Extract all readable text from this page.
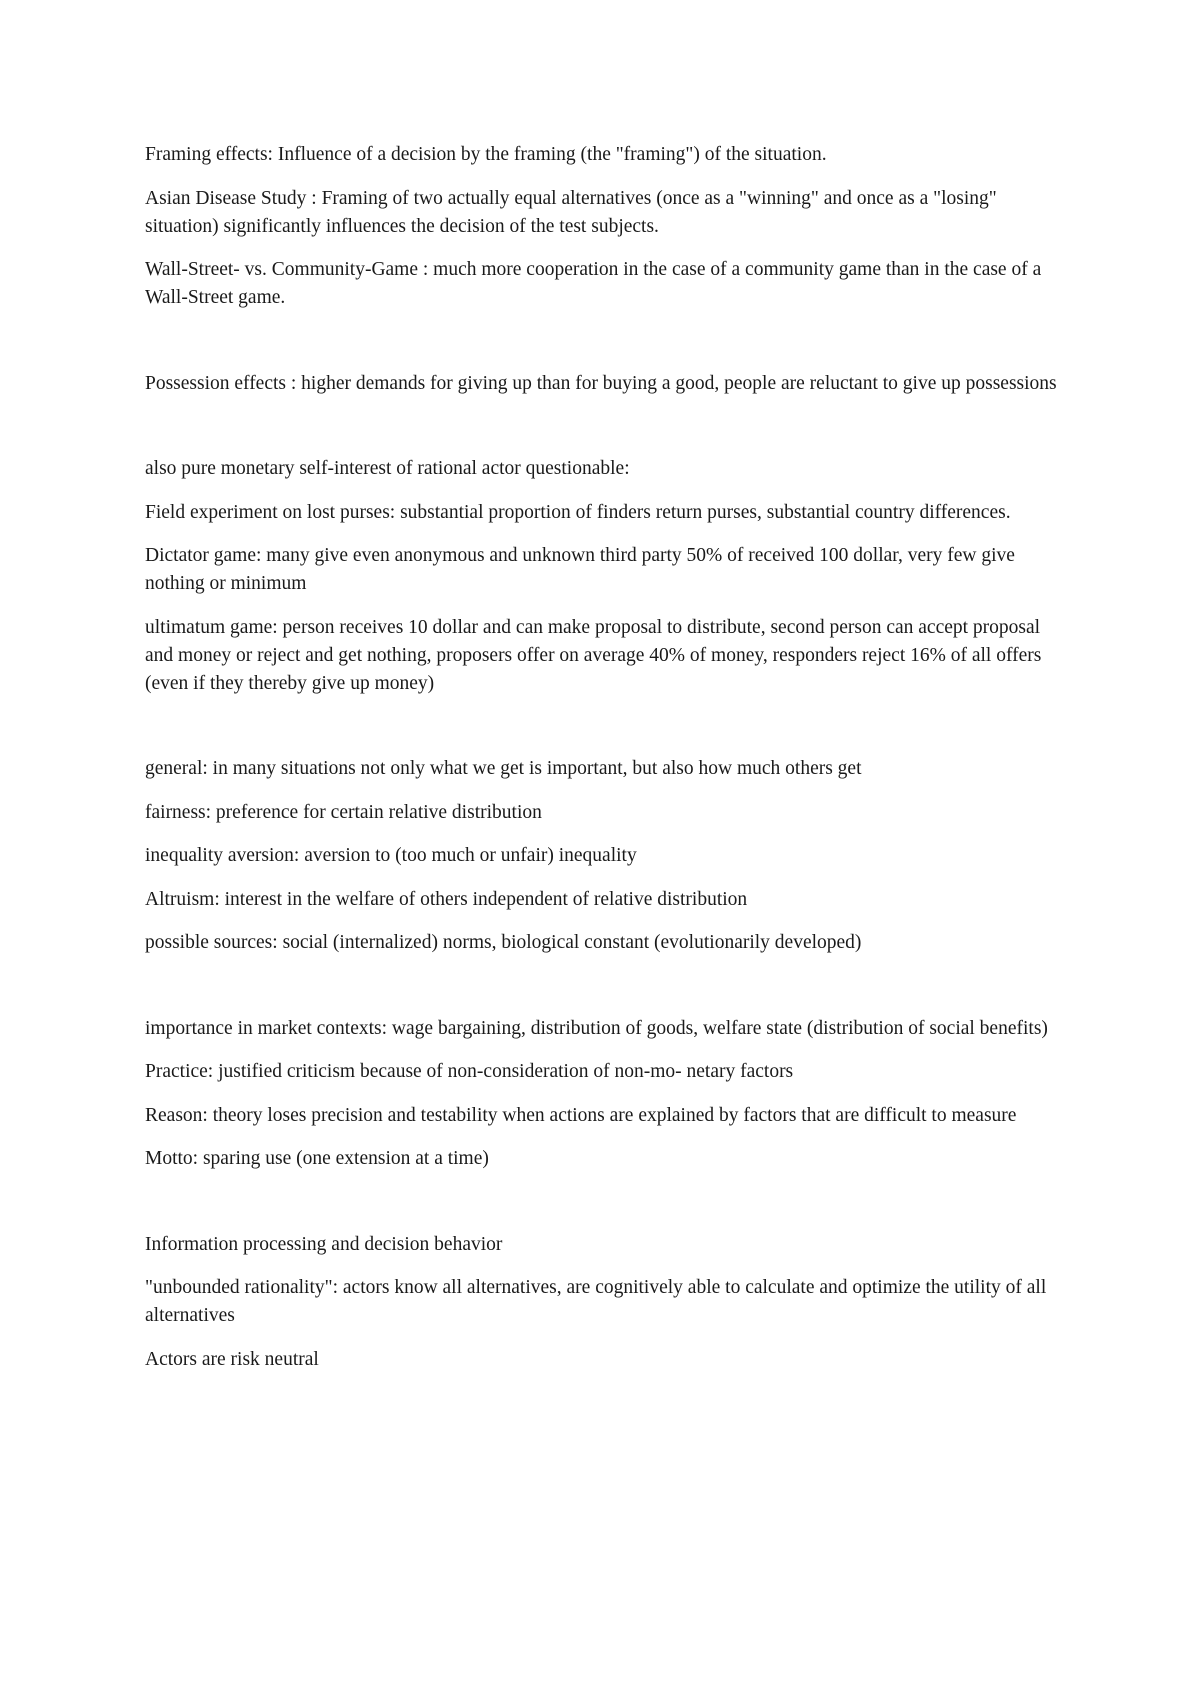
Framing effects: Influence of a decision by the framing (the "framing") of the situation.

Asian Disease Study : Framing of two actually equal alternatives (once as a "winning" and once as a "losing" situation) significantly influences the decision of the test subjects.

Wall-Street- vs. Community-Game : much more cooperation in the case of a community game than in the case of a Wall-Street game.

Possession effects : higher demands for giving up than for buying a good, people are reluctant to give up possessions

also pure monetary self-interest of rational actor questionable:

Field experiment on lost purses: substantial proportion of finders return purses, substantial country differences.

Dictator game: many give even anonymous and unknown third party 50% of received 100 dollar, very few give nothing or minimum

ultimatum game: person receives 10 dollar and can make proposal to distribute, second person can accept proposal and money or reject and get nothing, proposers offer on average 40% of money, responders reject 16% of all offers (even if they thereby give up money)

general: in many situations not only what we get is important, but also how much others get

fairness: preference for certain relative distribution

inequality aversion: aversion to (too much or unfair) inequality

Altruism: interest in the welfare of others independent of relative distribution

possible sources: social (internalized) norms, biological constant (evolutionarily developed)

importance in market contexts: wage bargaining, distribution of goods, welfare state (distribution of social benefits)

Practice: justified criticism because of non-consideration of non-mo- netary factors

Reason: theory loses precision and testability when actions are explained by factors that are difficult to measure

Motto: sparing use (one extension at a time)

Information processing and decision behavior

"unbounded rationality": actors know all alternatives, are cognitively able to calculate and optimize the utility of all alternatives

Actors are risk neutral
